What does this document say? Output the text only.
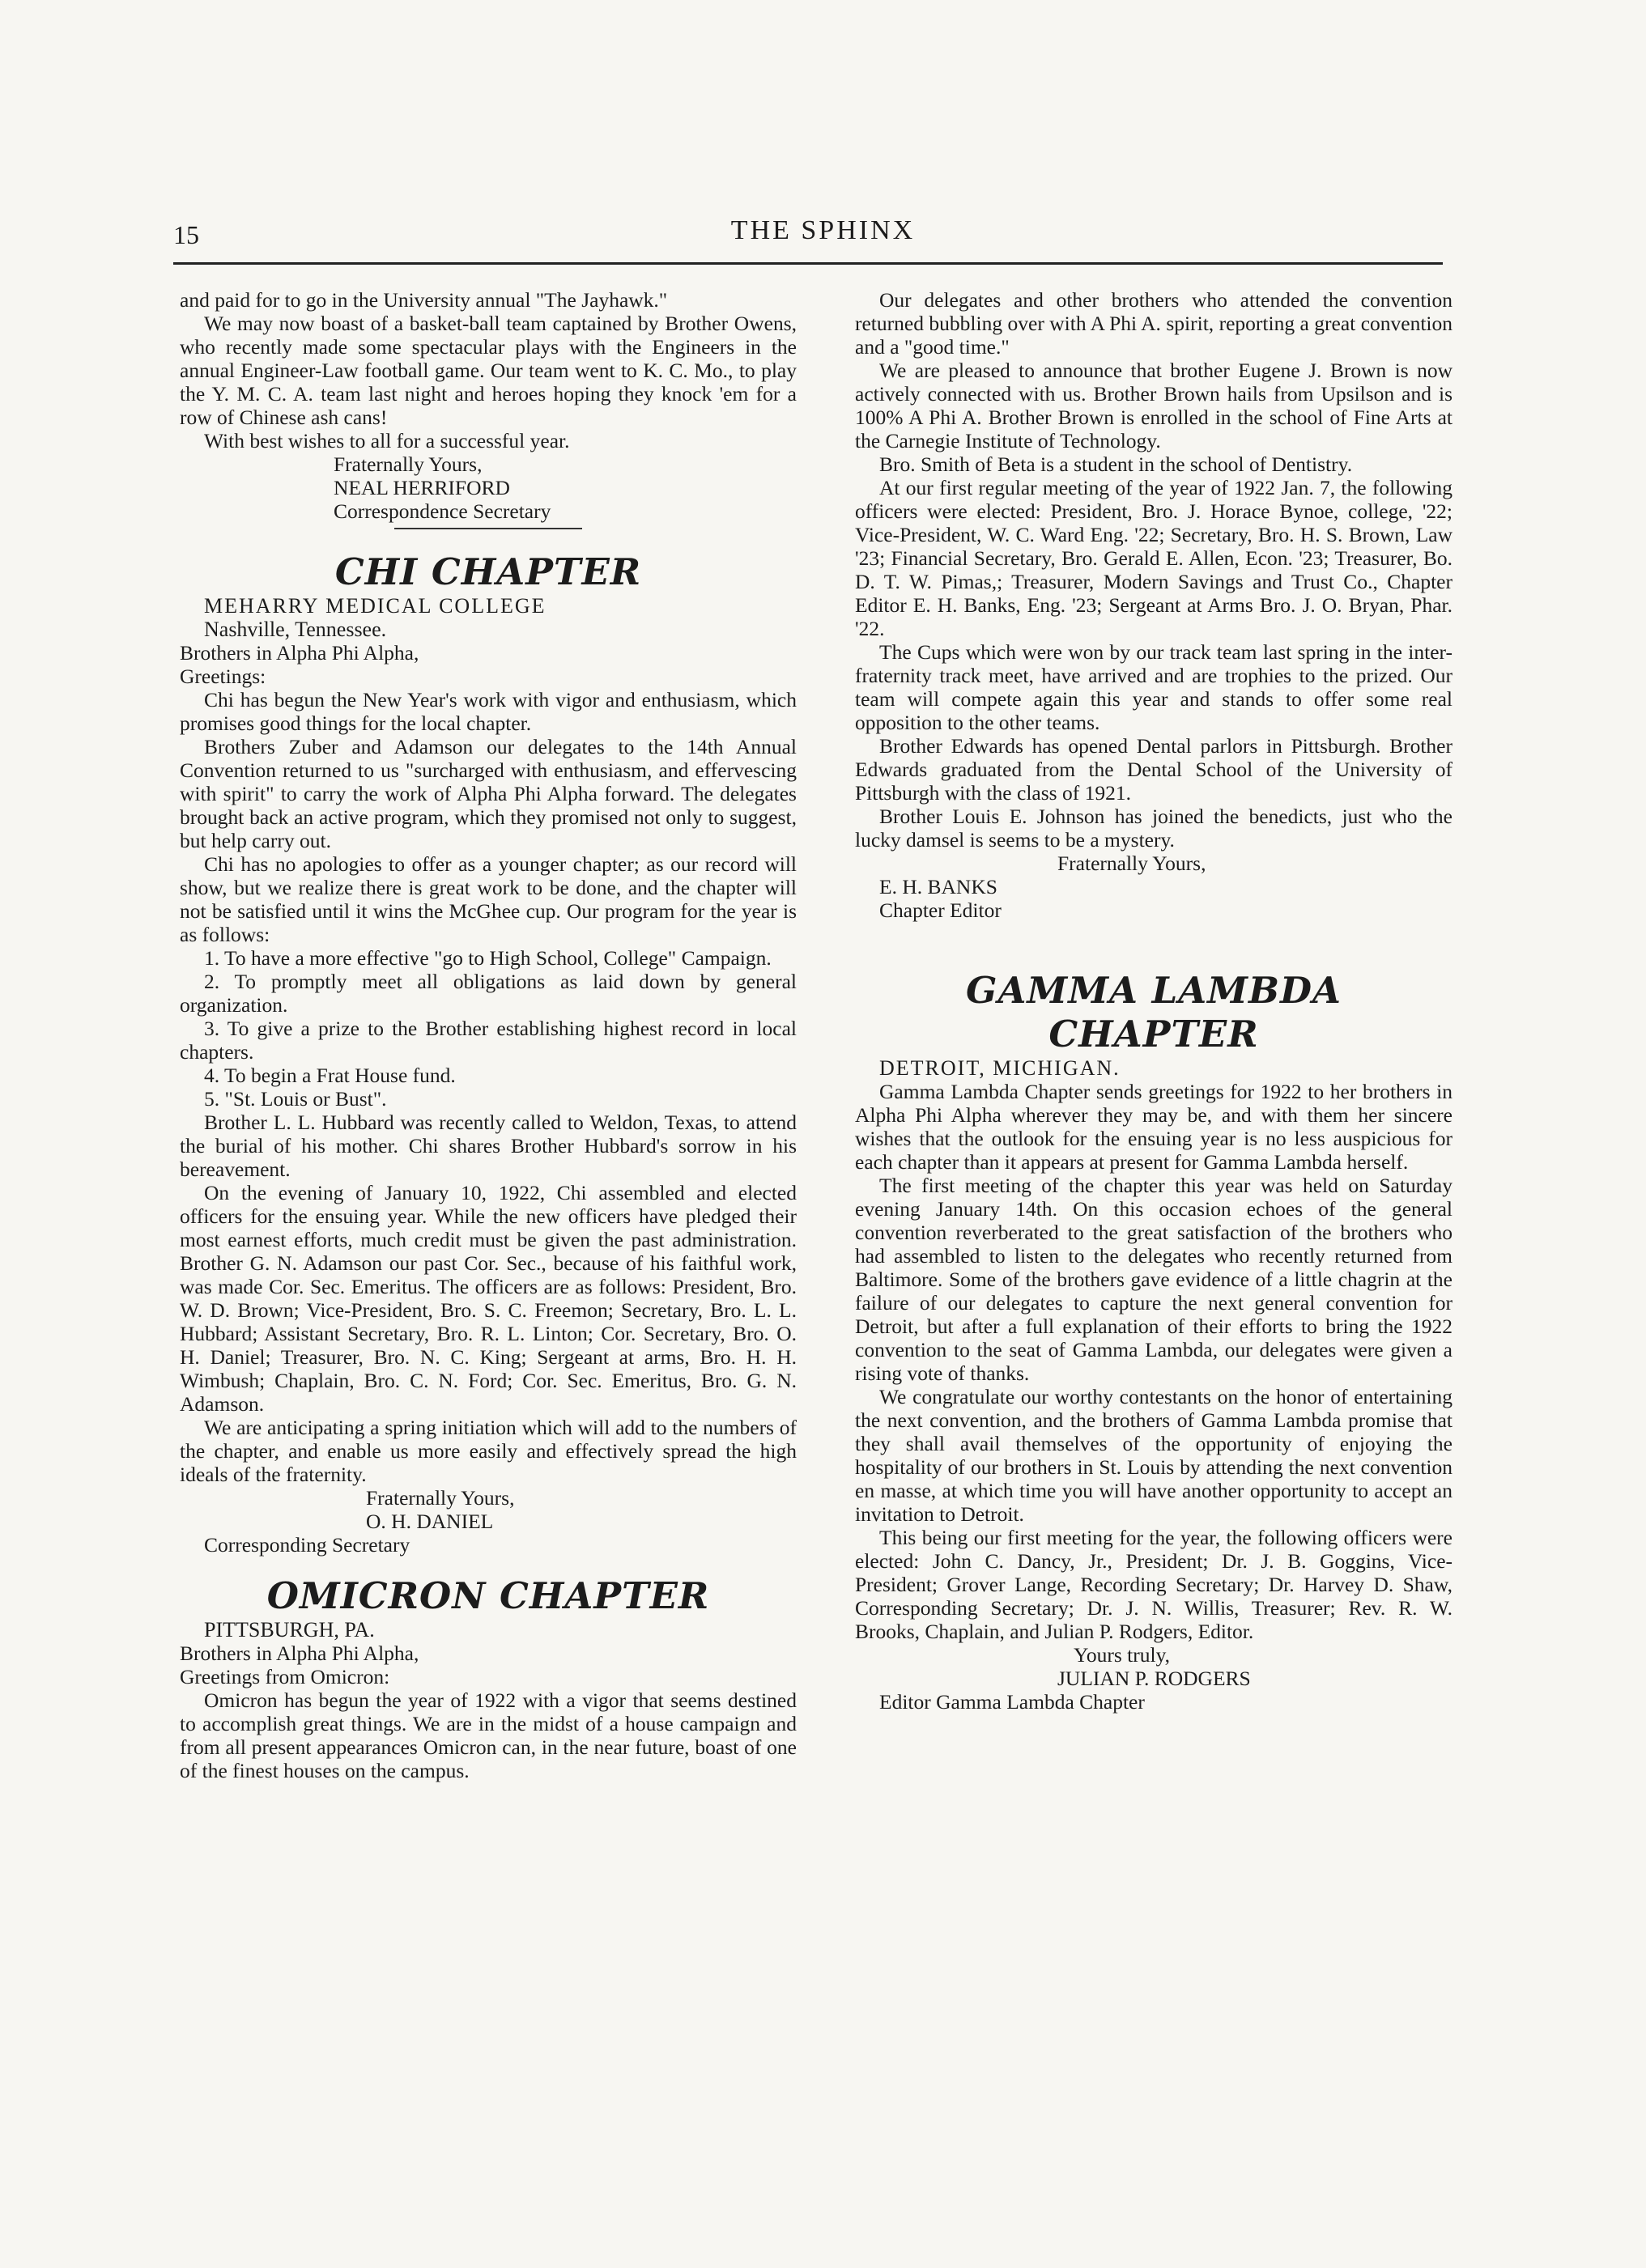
15	THE SPHINX

and paid for to go in the University annual "The Jayhawk."

We may now boast of a basket-ball team captained by Brother Owens, who recently made some spectacular plays with the Engineers in the annual Engineer-Law football game. Our team went to K. C. Mo., to play the Y. M. C. A. team last night and heroes hoping they knock 'em for a row of Chinese ash cans!

With best wishes to all for a successful year.

Fraternally Yours,

NEAL HERRIFORD

Correspondence Secretary

CHI CHAPTER

MEHARRY MEDICAL COLLEGE

Nashville, Tennessee.

Brothers in Alpha Phi Alpha,

Greetings:

Chi has begun the New Year's work with vigor and enthusiasm, which promises good things for the local chapter.

Brothers Zuber and Adamson our delegates to the 14th Annual Convention returned to us "surcharged with enthusiasm, and effervescing with spirit" to carry the work of Alpha Phi Alpha forward. The delegates brought back an active program, which they promised not only to suggest, but help carry out.

Chi has no apologies to offer as a younger chapter; as our record will show, but we realize there is great work to be done, and the chapter will not be satisfied until it wins the McGhee cup. Our program for the year is as follows:

1. To have a more effective "go to High School, College" Campaign.
2. To promptly meet all obligations as laid down by general organization.
3. To give a prize to the Brother establishing highest record in local chapters.
4. To begin a Frat House fund.
5. "St. Louis or Bust".

Brother L. L. Hubbard was recently called to Weldon, Texas, to attend the burial of his mother. Chi shares Brother Hubbard's sorrow in his bereavement.

On the evening of January 10, 1922, Chi assembled and elected officers for the ensuing year. While the new officers have pledged their most earnest efforts, much credit must be given the past administration. Brother G. N. Adamson our past Cor. Sec., because of his faithful work, was made Cor. Sec. Emeritus. The officers are as follows: President, Bro. W. D. Brown; Vice-President, Bro. S. C. Freemon; Secretary, Bro. L. L. Hubbard; Assistant Secretary, Bro. R. L. Linton; Cor. Secretary, Bro. O. H. Daniel; Treasurer, Bro. N. C. King; Sergeant at arms, Bro. H. H. Wimbush; Chaplain, Bro. C. N. Ford; Cor. Sec. Emeritus, Bro. G. N. Adamson.

We are anticipating a spring initiation which will add to the numbers of the chapter, and enable us more easily and effectively spread the high ideals of the fraternity.

Fraternally Yours,

O. H. DANIEL

Corresponding Secretary

OMICRON CHAPTER

PITTSBURGH, PA.

Brothers in Alpha Phi Alpha,

Greetings from Omicron:

Omicron has begun the year of 1922 with a vigor that seems destined to accomplish great things. We are in the midst of a house campaign and from all present appearances Omicron can, in the near future, boast of one of the finest houses on the campus.

Our delegates and other brothers who attended the convention returned bubbling over with A Phi A. spirit, reporting a great convention and a "good time."

We are pleased to announce that brother Eugene J. Brown is now actively connected with us. Brother Brown hails from Upsilson and is 100% A Phi A. Brother Brown is enrolled in the school of Fine Arts at the Carnegie Institute of Technology.

Bro. Smith of Beta is a student in the school of Dentistry.

At our first regular meeting of the year of 1922 Jan. 7, the following officers were elected: President, Bro. J. Horace Bynoe, college, '22; Vice-President, W. C. Ward Eng. '22; Secretary, Bro. H. S. Brown, Law '23; Financial Secretary, Bro. Gerald E. Allen, Econ. '23; Treasurer, Bo. D. T. W. Pimas,; Treasurer, Modern Savings and Trust Co., Chapter Editor E. H. Banks, Eng. '23; Sergeant at Arms Bro. J. O. Bryan, Phar. '22.

The Cups which were won by our track team last spring in the inter-fraternity track meet, have arrived and are trophies to the prized. Our team will compete again this year and stands to offer some real opposition to the other teams.

Brother Edwards has opened Dental parlors in Pittsburgh. Brother Edwards graduated from the Dental School of the University of Pittsburgh with the class of 1921.

Brother Louis E. Johnson has joined the benedicts, just who the lucky damsel is seems to be a mystery.

Fraternally Yours,

E. H. BANKS

Chapter Editor

GAMMA LAMBDA CHAPTER

DETROIT, MICHIGAN.

Gamma Lambda Chapter sends greetings for 1922 to her brothers in Alpha Phi Alpha wherever they may be, and with them her sincere wishes that the outlook for the ensuing year is no less auspicious for each chapter than it appears at present for Gamma Lambda herself.

The first meeting of the chapter this year was held on Saturday evening January 14th. On this occasion echoes of the general convention reverberated to the great satisfaction of the brothers who had assembled to listen to the delegates who recently returned from Baltimore. Some of the brothers gave evidence of a little chagrin at the failure of our delegates to capture the next general convention for Detroit, but after a full explanation of their efforts to bring the 1922 convention to the seat of Gamma Lambda, our delegates were given a rising vote of thanks.

We congratulate our worthy contestants on the honor of entertaining the next convention, and the brothers of Gamma Lambda promise that they shall avail themselves of the opportunity of enjoying the hospitality of our brothers in St. Louis by attending the next convention en masse, at which time you will have another opportunity to accept an invitation to Detroit.

This being our first meeting for the year, the following officers were elected: John C. Dancy, Jr., President; Dr. J. B. Goggins, Vice-President; Grover Lange, Recording Secretary; Dr. Harvey D. Shaw, Corresponding Secretary; Dr. J. N. Willis, Treasurer; Rev. R. W. Brooks, Chaplain, and Julian P. Rodgers, Editor.

Yours truly,

JULIAN P. RODGERS

Editor Gamma Lambda Chapter
